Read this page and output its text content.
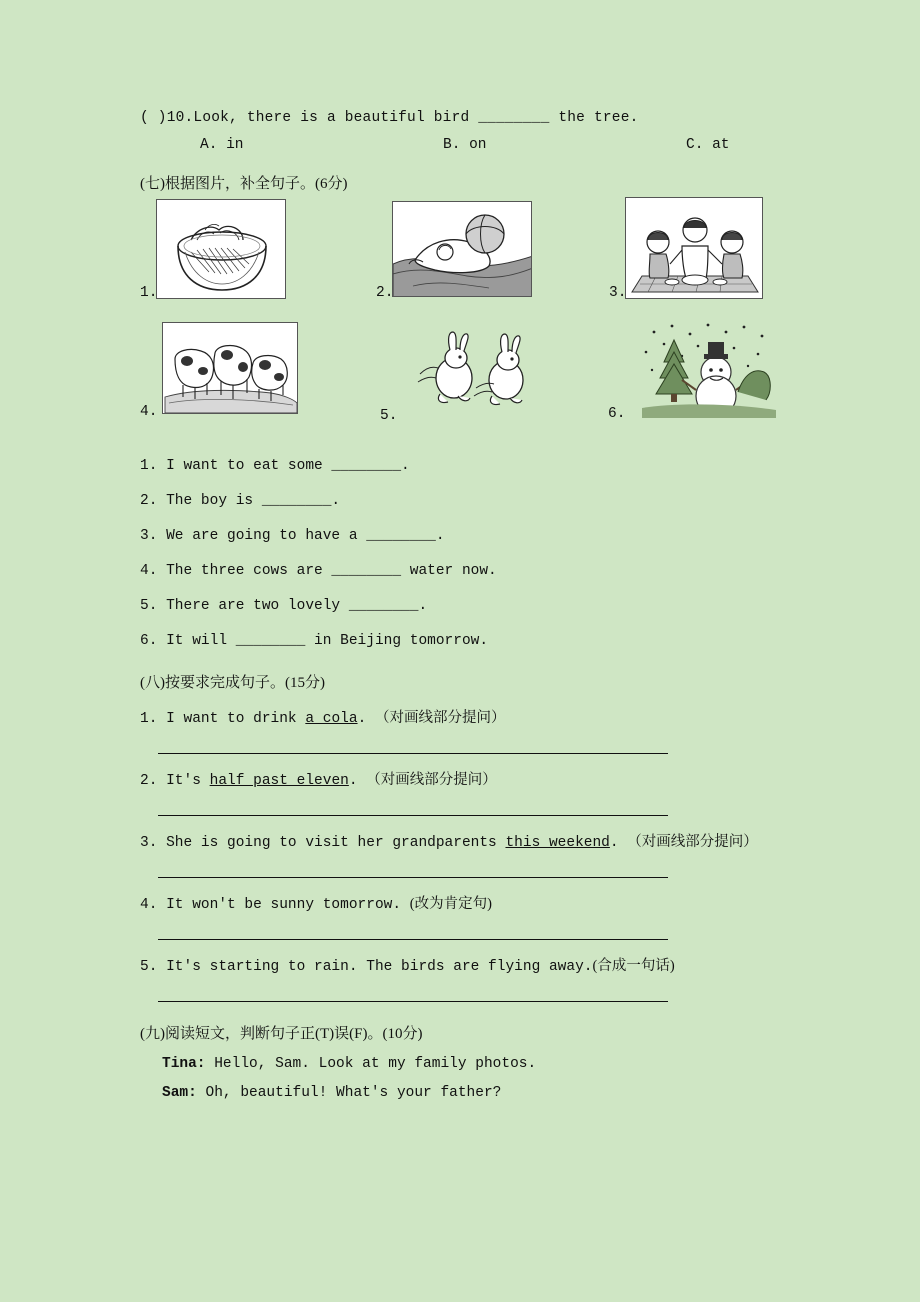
( )10.Look, there is a beautiful bird ________ the tree.
A. in	B. on	C. at
(七)根据图片，补全句子。(6分)
1.	2.	3.
4.	5.	6.
1. I want to eat some ________.
2. The boy is ________.
3. We are going to have a ________.
4. The three cows are ________ water now.
5. There are two lovely ________.
6. It will ________ in Beijing tomorrow.
(八)按要求完成句子。(15分)
1. I want to drink a cola. （对画线部分提问）
2. It's half past eleven. （对画线部分提问）
3. She is going to visit her grandparents this weekend. （对画线部分提问）
4. It won't be sunny tomorrow. (改为肯定句)
5. It's starting to rain. The birds are flying away.(合成一句话)
(九)阅读短文，判断句子正(T)误(F)。(10分)
Tina: Hello, Sam. Look at my family photos.
Sam: Oh, beautiful! What's your father?
